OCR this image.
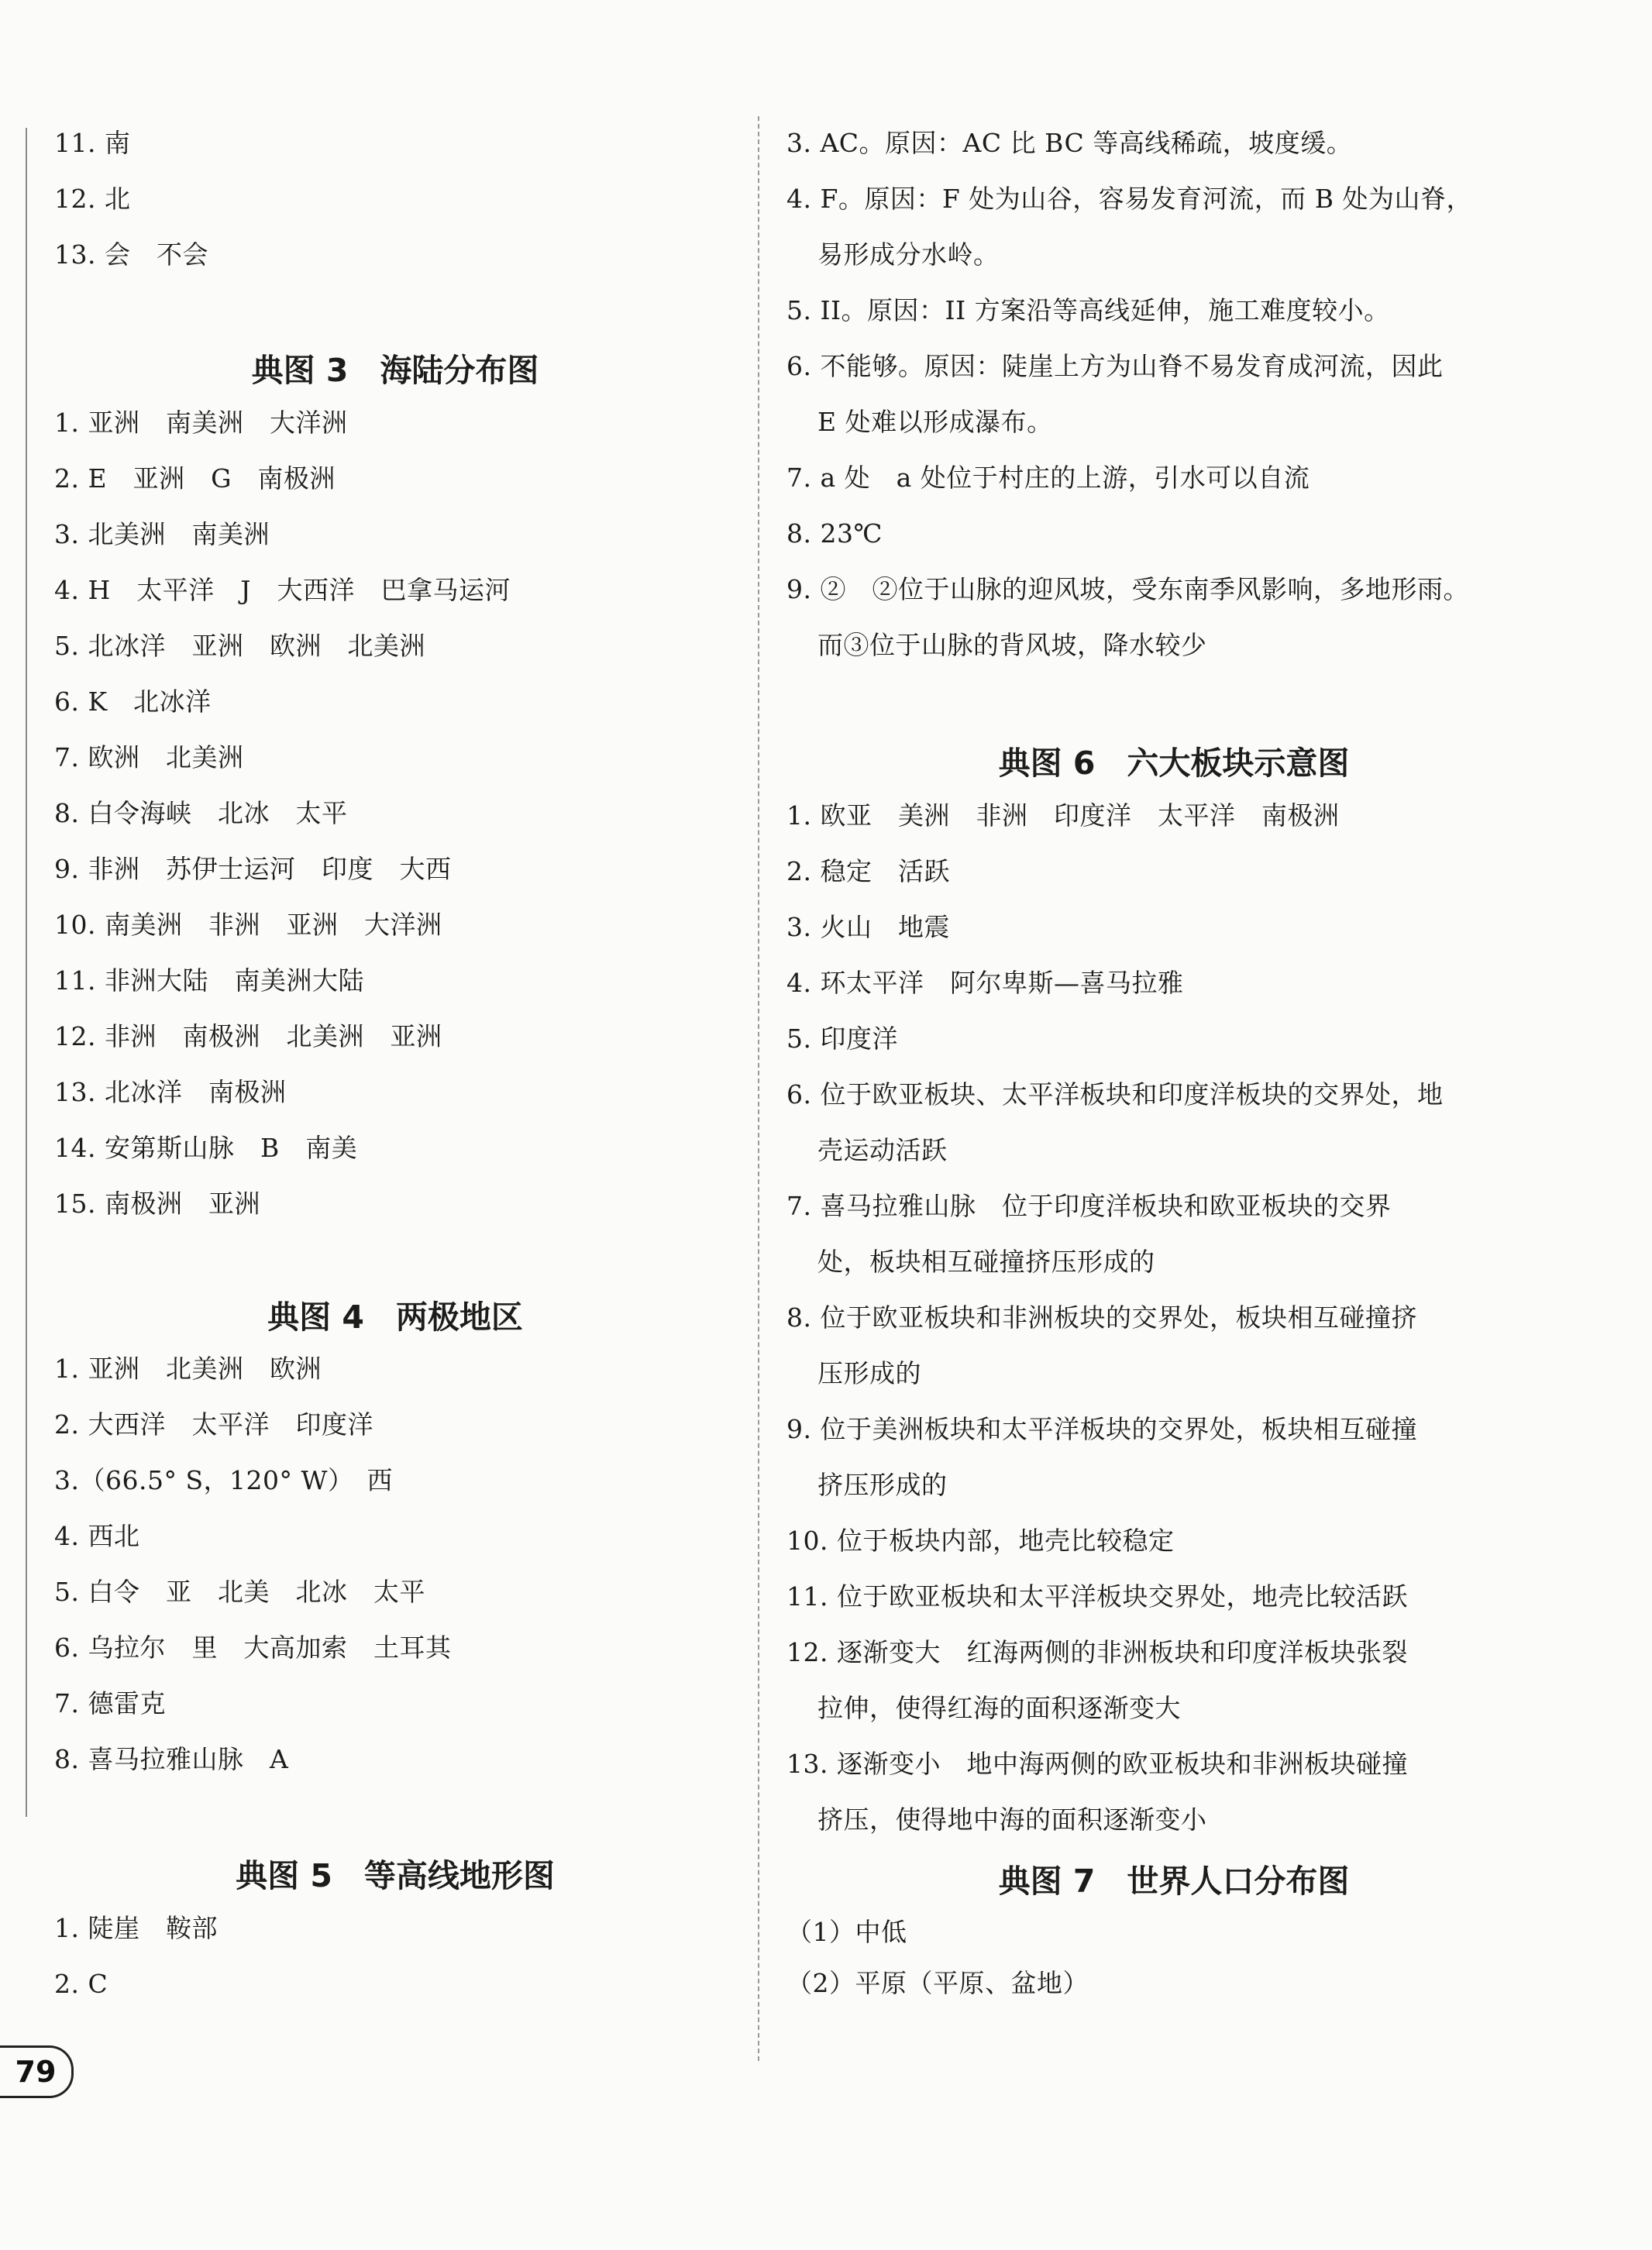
11. 南
12. 北
13. 会　不会
典图 3　海陆分布图
1. 亚洲　南美洲　大洋洲
2. E　亚洲　G　南极洲
3. 北美洲　南美洲
4. H　太平洋　J　大西洋　巴拿马运河
5. 北冰洋　亚洲　欧洲　北美洲
6. K　北冰洋
7. 欧洲　北美洲
8. 白令海峡　北冰　太平
9. 非洲　苏伊士运河　印度　大西
10. 南美洲　非洲　亚洲　大洋洲
11. 非洲大陆　南美洲大陆
12. 非洲　南极洲　北美洲　亚洲
13. 北冰洋　南极洲
14. 安第斯山脉　B　南美
15. 南极洲　亚洲
典图 4　两极地区
1. 亚洲　北美洲　欧洲
2. 大西洋　太平洋　印度洋
3.（66.5° S，120° W）　西
4. 西北
5. 白令　亚　北美　北冰　太平
6. 乌拉尔　里　大高加索　土耳其
7. 德雷克
8. 喜马拉雅山脉　A
典图 5　等高线地形图
1. 陡崖　鞍部
2. C
3. AC。原因：AC 比 BC 等高线稀疏，坡度缓。
4. F。原因：F 处为山谷，容易发育河流，而 B 处为山脊，
易形成分水岭。
5. II。原因：II 方案沿等高线延伸，施工难度较小。
6. 不能够。原因：陡崖上方为山脊不易发育成河流，因此
E 处难以形成瀑布。
7. a 处　a 处位于村庄的上游，引水可以自流
8. 23℃
9. ②　②位于山脉的迎风坡，受东南季风影响，多地形雨。
而③位于山脉的背风坡，降水较少
典图 6　六大板块示意图
1. 欧亚　美洲　非洲　印度洋　太平洋　南极洲
2. 稳定　活跃
3. 火山　地震
4. 环太平洋　阿尔卑斯—喜马拉雅
5. 印度洋
6. 位于欧亚板块、太平洋板块和印度洋板块的交界处，地
壳运动活跃
7. 喜马拉雅山脉　位于印度洋板块和欧亚板块的交界
处，板块相互碰撞挤压形成的
8. 位于欧亚板块和非洲板块的交界处，板块相互碰撞挤
压形成的
9. 位于美洲板块和太平洋板块的交界处，板块相互碰撞
挤压形成的
10. 位于板块内部，地壳比较稳定
11. 位于欧亚板块和太平洋板块交界处，地壳比较活跃
12. 逐渐变大　红海两侧的非洲板块和印度洋板块张裂
拉伸，使得红海的面积逐渐变大
13. 逐渐变小　地中海两侧的欧亚板块和非洲板块碰撞
挤压，使得地中海的面积逐渐变小
典图 7　世界人口分布图
（1）中低
（2）平原（平原、盆地）
79
